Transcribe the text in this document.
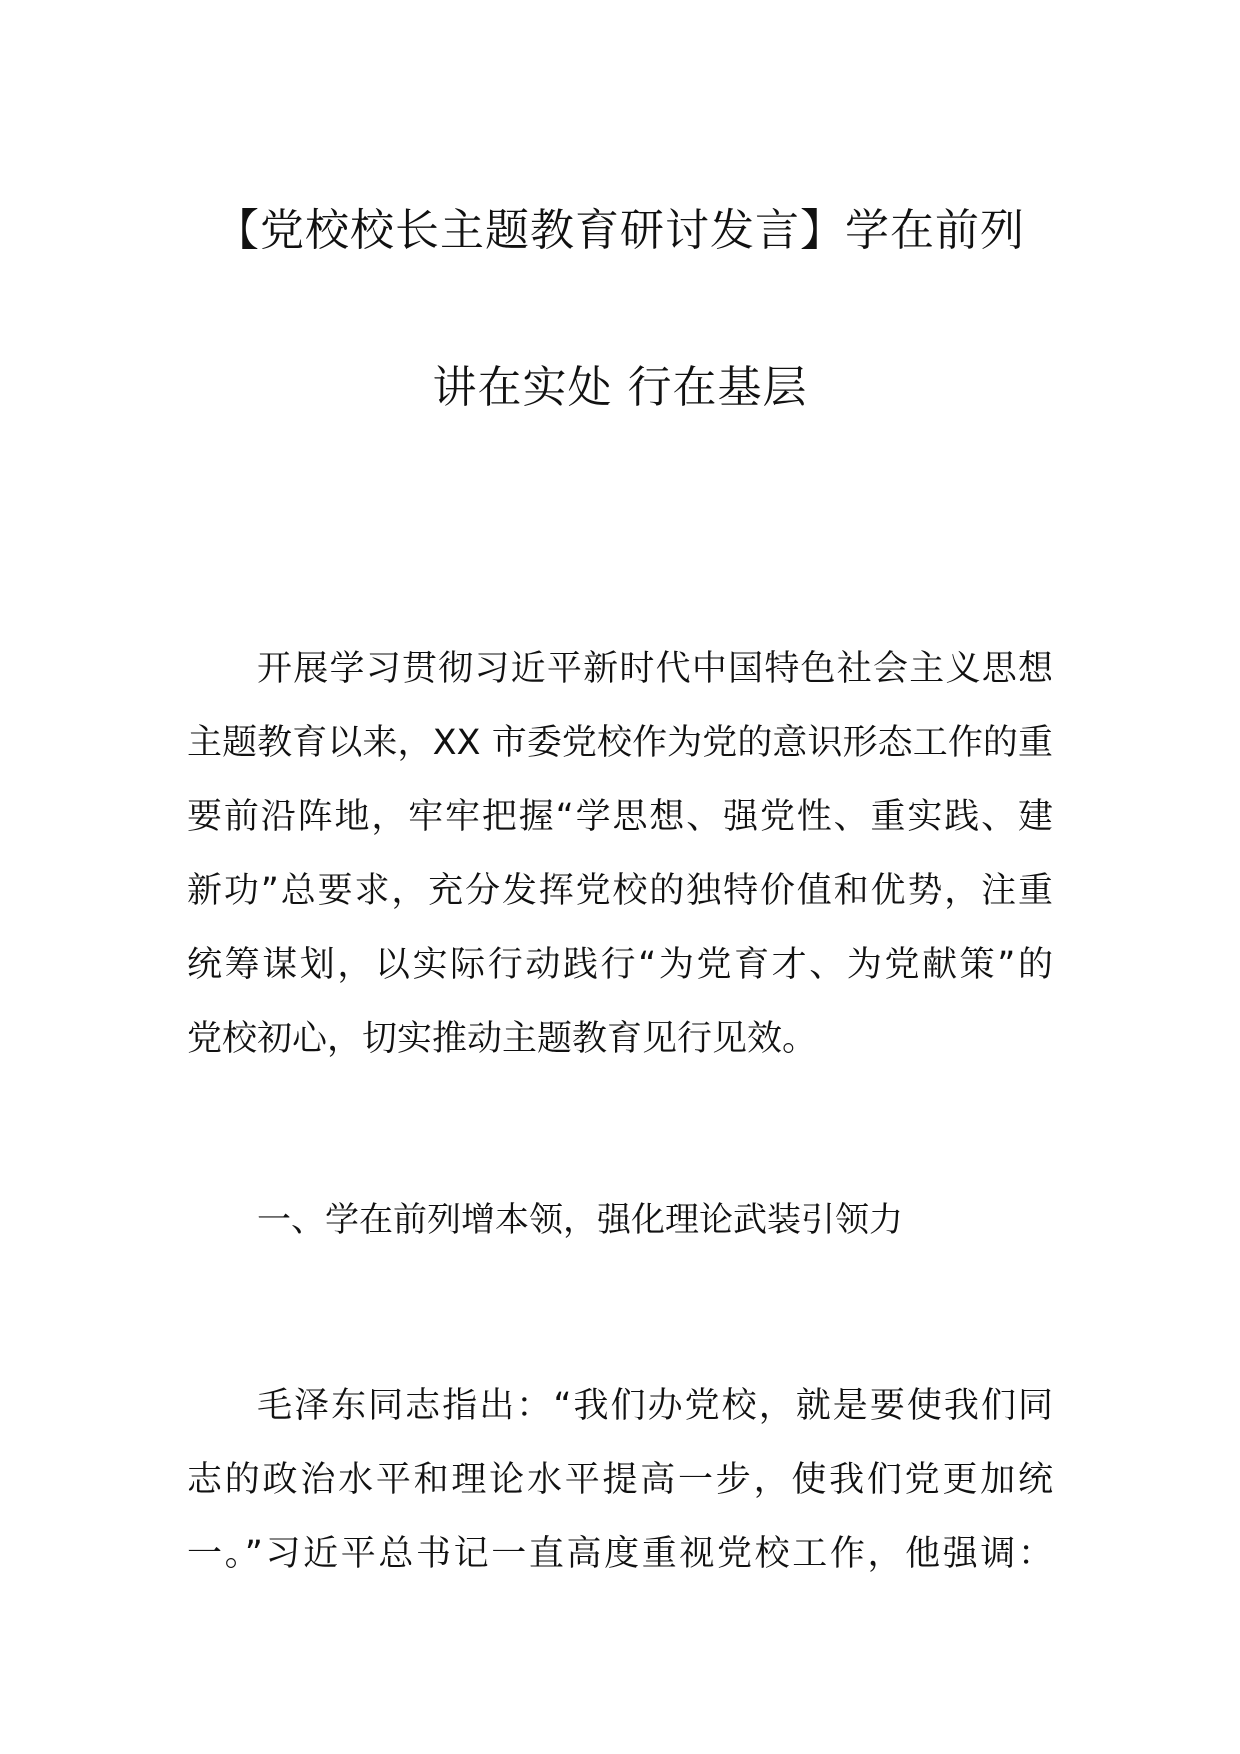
【党校校长主题教育研讨发言】学在前列
讲在实处 行在基层
开展学习贯彻习近平新时代中国特色社会主义思想
主题教育以来，XX 市委党校作为党的意识形态工作的重
要前沿阵地，牢牢把握“学思想、强党性、重实践、建
新功”总要求，充分发挥党校的独特价值和优势，注重
统筹谋划，以实际行动践行“为党育才、为党献策”的
党校初心，切实推动主题教育见行见效。
一、学在前列增本领，强化理论武装引领力
毛泽东同志指出：“我们办党校，就是要使我们同
志的政治水平和理论水平提高一步，使我们党更加统
一。”习近平总书记一直高度重视党校工作，他强调：
